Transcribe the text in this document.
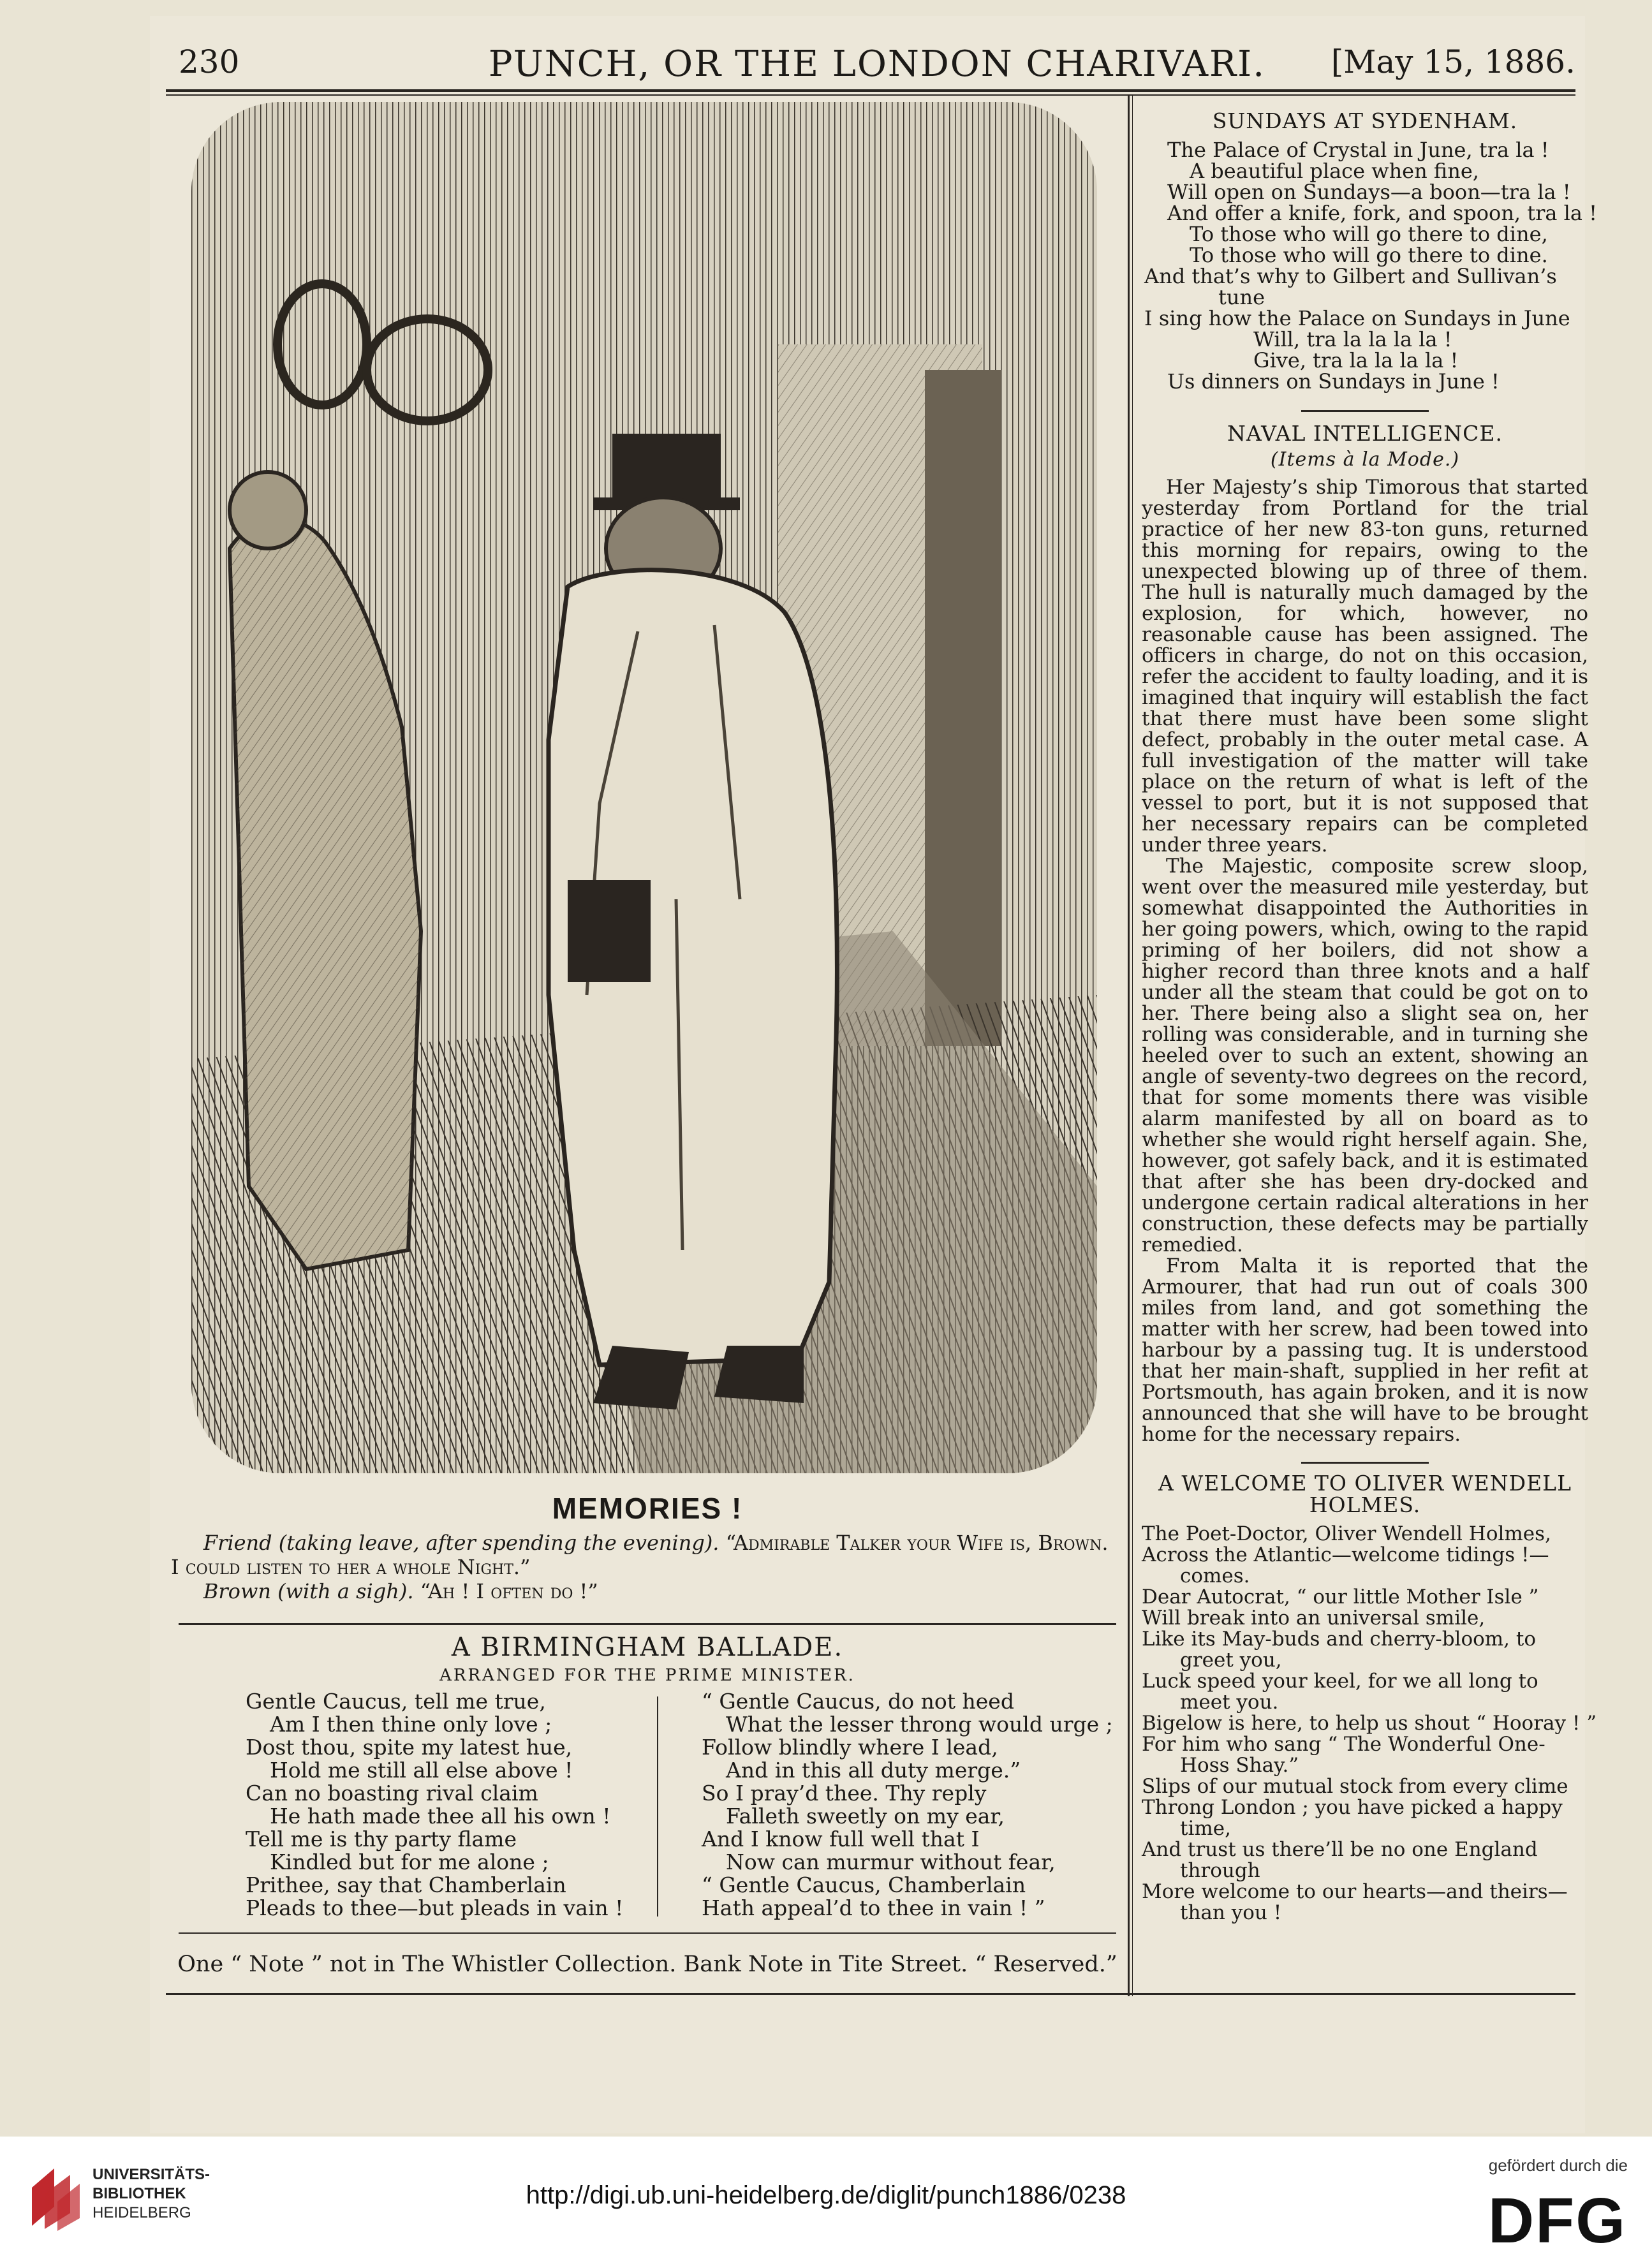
230	PUNCH, OR THE LONDON CHARIVARI.	[May 15, 1886.
MEMORIES !

Friend (taking leave, after spending the evening). “Admirable Talker your Wife is, Brown. I could listen to her a whole Night.”

Brown (with a sigh). “Ah ! I often do !”

A BIRMINGHAM BALLADE.
ARRANGED FOR THE PRIME MINISTER.
Gentle Caucus, tell me true,
Am I then thine only love ;
Dost thou, spite my latest hue,
Hold me still all else above !
Can no boasting rival claim
He hath made thee all his own !
Tell me is thy party flame
Kindled but for me alone ;
Prithee, say that Chamberlain
Pleads to thee—but pleads in vain !
“ Gentle Caucus, do not heed
What the lesser throng would urge ;
Follow blindly where I lead,
And in this all duty merge.”
So I pray’d thee. Thy reply
Falleth sweetly on my ear,
And I know full well that I
Now can murmur without fear,
“ Gentle Caucus, Chamberlain
Hath appeal’d to thee in vain ! ”
One “ Note ” not in The Whistler Collection. Bank Note in Tite Street. “ Reserved.”
SUNDAYS AT SYDENHAM.
The Palace of Crystal in June, tra la !
A beautiful place when fine,
Will open on Sundays—a boon—tra la !
And offer a knife, fork, and spoon, tra la !
To those who will go there to dine,
To those who will go there to dine.
And that’s why to Gilbert and Sullivan’s
tune
I sing how the Palace on Sundays in June
Will, tra la la la la !
Give, tra la la la la !
Us dinners on Sundays in June !
NAVAL INTELLIGENCE.
(Items à la Mode.)

Her Majesty’s ship Timorous that started yesterday from Portland for the trial practice of her new 83-ton guns, returned this morning for repairs, owing to the unexpected blowing up of three of them. The hull is naturally much damaged by the explosion, for which, however, no reasonable cause has been assigned. The officers in charge, do not on this occasion, refer the accident to faulty loading, and it is imagined that inquiry will establish the fact that there must have been some slight defect, probably in the outer metal case. A full investigation of the matter will take place on the return of what is left of the vessel to port, but it is not supposed that her necessary repairs can be completed under three years.

The Majestic, composite screw sloop, went over the measured mile yesterday, but somewhat disappointed the Authorities in her going powers, which, owing to the rapid priming of her boilers, did not show a higher record than three knots and a half under all the steam that could be got on to her. There being also a slight sea on, her rolling was considerable, and in turning she heeled over to such an extent, showing an angle of seventy-two degrees on the record, that for some moments there was visible alarm manifested by all on board as to whether she would right herself again. She, however, got safely back, and it is estimated that after she has been dry-docked and undergone certain radical alterations in her construction, these defects may be partially remedied.

From Malta it is reported that the Armourer, that had run out of coals 300 miles from land, and got something the matter with her screw, had been towed into harbour by a passing tug. It is understood that her main-shaft, supplied in her refit at Portsmouth, has again broken, and it is now announced that she will have to be brought home for the necessary repairs.

A WELCOME TO OLIVER WENDELL HOLMES.
The Poet-Doctor, Oliver Wendell Holmes,
Across the Atlantic—welcome tidings !—
comes.
Dear Autocrat, “ our little Mother Isle ”
Will break into an universal smile,
Like its May-buds and cherry-bloom, to
greet you,
Luck speed your keel, for we all long to
meet you.
Bigelow is here, to help us shout “ Hooray ! ”
For him who sang “ The Wonderful One-
Hoss Shay.”
Slips of our mutual stock from every clime
Throng London ; you have picked a happy
time,
And trust us there’ll be no one England
through
More welcome to our hearts—and theirs—
than you !
UNIVERSITÄTS-
BIBLIOTHEK
HEIDELBERG
http://digi.ub.uni-heidelberg.de/diglit/punch1886/0238
gefördert durch die
DFG
